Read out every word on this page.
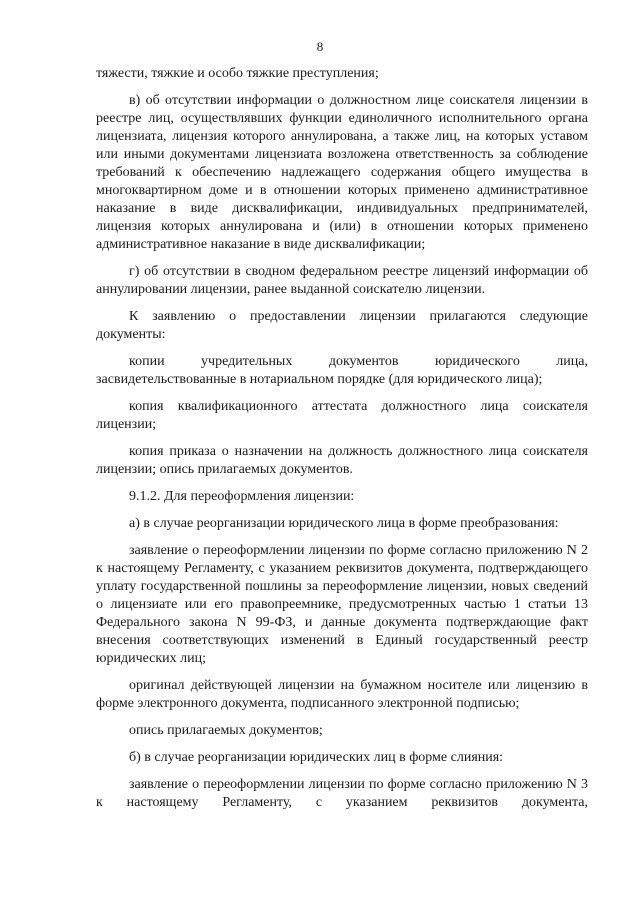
8

тяжести, тяжкие и особо тяжкие преступления;

в) об отсутствии информации о должностном лице соискателя лицензии в реестре лиц, осуществлявших функции единоличного исполнительного органа лицензиата, лицензия которого аннулирована, а также лиц, на которых уставом или иными документами лицензиата возложена ответственность за соблюдение требований к обеспечению надлежащего содержания общего имущества в многоквартирном доме и в отношении которых применено административное наказание в виде дисквалификации, индивидуальных предпринимателей, лицензия которых аннулирована и (или) в отношении которых применено административное наказание в виде дисквалификации;

г) об отсутствии в сводном федеральном реестре лицензий информации об аннулировании лицензии, ранее выданной соискателю лицензии.

К заявлению о предоставлении лицензии прилагаются следующие документы:

копии учредительных документов юридического лица, засвидетельствованные в нотариальном порядке (для юридического лица);

копия квалификационного аттестата должностного лица соискателя лицензии;

копия приказа о назначении на должность должностного лица соискателя лицензии; опись прилагаемых документов.

9.1.2. Для переоформления лицензии:

а) в случае реорганизации юридического лица в форме преобразования:

заявление о переоформлении лицензии по форме согласно приложению N 2 к настоящему Регламенту, с указанием реквизитов документа, подтверждающего уплату государственной пошлины за переоформление лицензии, новых сведений о лицензиате или его правопреемнике, предусмотренных частью 1 статьи 13 Федерального закона N 99-ФЗ, и данные документа подтверждающие факт внесения соответствующих изменений в Единый государственный реестр юридических лиц;

оригинал действующей лицензии на бумажном носителе или лицензию в форме электронного документа, подписанного электронной подписью;

опись прилагаемых документов;

б) в случае реорганизации юридических лиц в форме слияния:

заявление о переоформлении лицензии по форме согласно приложению N 3 к настоящему Регламенту, с указанием реквизитов документа,
